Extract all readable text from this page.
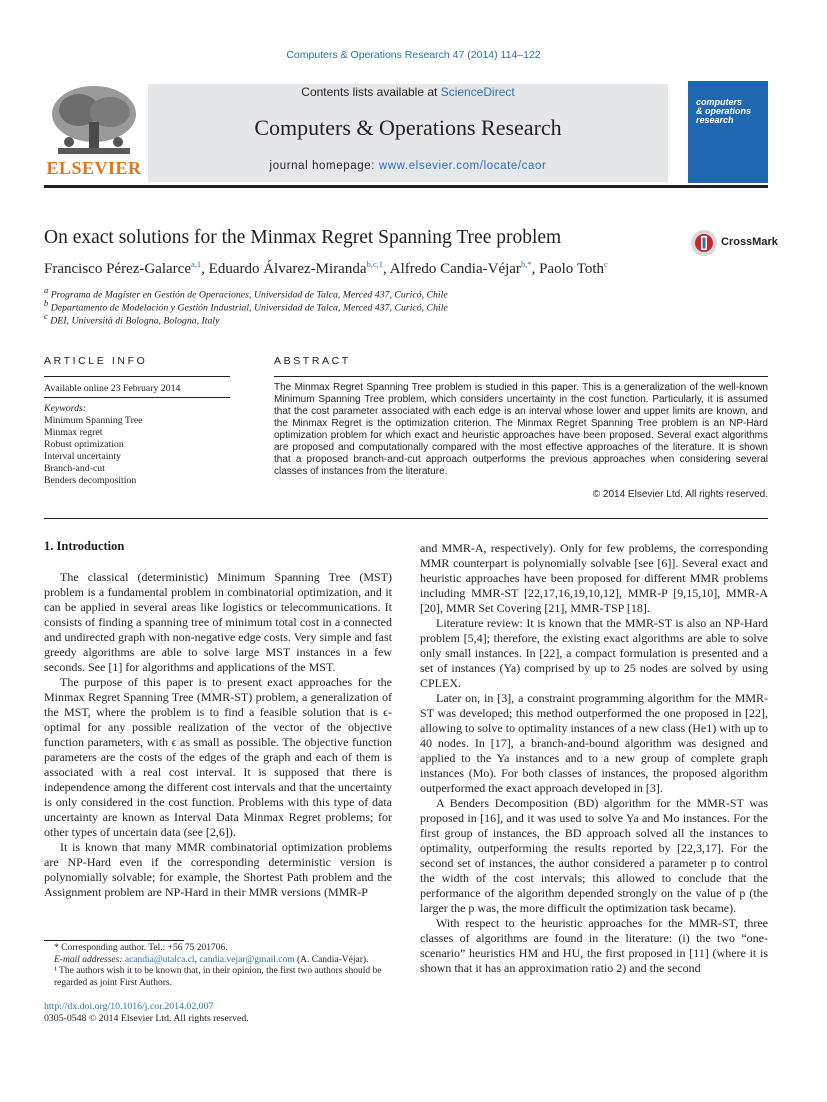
Computers & Operations Research 47 (2014) 114–122
ELSEVIER
Contents lists available at ScienceDirect
Computers & Operations Research
journal homepage: www.elsevier.com/locate/caor
computers
& operations
research
On exact solutions for the Minmax Regret Spanning Tree problem	CrossMark
Francisco Pérez-Galarce$^{a,1}$, Eduardo Álvarez-Miranda$^{b,c,1}$, Alfredo Candia-Véjar$^{b,*}$, Paolo Toth$^c$
$^a$ Programa de Magíster en Gestión de Operaciones, Universidad de Talca, Merced 437, Curicó, Chile
$^b$ Departamento de Modelación y Gestión Industrial, Universidad de Talca, Merced 437, Curicó, Chile
$^c$ DEI, Università di Bologna, Bologna, Italy
ARTICLE INFO
Available online 23 February 2014
Keywords:
Minimum Spanning Tree
Minmax regret
Robust optimization
Interval uncertainty
Branch-and-cut
Benders decomposition
ABSTRACT
The Minmax Regret Spanning Tree problem is studied in this paper. This is a generalization of the well-known Minimum Spanning Tree problem, which considers uncertainty in the cost function. Particularly, it is assumed that the cost parameter associated with each edge is an interval whose lower and upper limits are known, and the Minmax Regret is the optimization criterion. The Minmax Regret Spanning Tree problem is an NP-Hard optimization problem for which exact and heuristic approaches have been proposed. Several exact algorithms are proposed and computationally compared with the most effective approaches of the literature. It is shown that a proposed branch-and-cut approach outperforms the previous approaches when considering several classes of instances from the literature.
© 2014 Elsevier Ltd. All rights reserved.
1. Introduction

The classical (deterministic) Minimum Spanning Tree (MST) problem is a fundamental problem in combinatorial optimization, and it can be applied in several areas like logistics or telecommunications. It consists of finding a spanning tree of minimum total cost in a connected and undirected graph with non-negative edge costs. Very simple and fast greedy algorithms are able to solve large MST instances in a few seconds. See [1] for algorithms and applications of the MST.

The purpose of this paper is to present exact approaches for the Minmax Regret Spanning Tree (MMR-ST) problem, a generalization of the MST, where the problem is to find a feasible solution that is ϵ-optimal for any possible realization of the vector of the objective function parameters, with ϵ as small as possible. The objective function parameters are the costs of the edges of the graph and each of them is associated with a real cost interval. It is supposed that there is independence among the different cost intervals and that the uncertainty is only considered in the cost function. Problems with this type of data uncertainty are known as Interval Data Minmax Regret problems; for other types of uncertain data (see [2,6]).

It is known that many MMR combinatorial optimization problems are NP-Hard even if the corresponding deterministic version is polynomially solvable; for example, the Shortest Path problem and the Assignment problem are NP-Hard in their MMR versions (MMR-P

and MMR-A, respectively). Only for few problems, the corresponding MMR counterpart is polynomially solvable [see [6]]. Several exact and heuristic approaches have been proposed for different MMR problems including MMR-ST [22,17,16,19,10,12], MMR-P [9,15,10], MMR-A [20], MMR Set Covering [21], MMR-TSP [18].

Literature review: It is known that the MMR-ST is also an NP-Hard problem [5,4]; therefore, the existing exact algorithms are able to solve only small instances. In [22], a compact formulation is presented and a set of instances (Ya) comprised by up to 25 nodes are solved by using CPLEX.

Later on, in [3], a constraint programming algorithm for the MMR-ST was developed; this method outperformed the one proposed in [22], allowing to solve to optimality instances of a new class (He1) with up to 40 nodes. In [17], a branch-and-bound algorithm was designed and applied to the Ya instances and to a new group of complete graph instances (Mo). For both classes of instances, the proposed algorithm outperformed the exact approach developed in [3].

A Benders Decomposition (BD) algorithm for the MMR-ST was proposed in [16], and it was used to solve Ya and Mo instances. For the first group of instances, the BD approach solved all the instances to optimality, outperforming the results reported by [22,3,17]. For the second set of instances, the author considered a parameter p to control the width of the cost intervals; this allowed to conclude that the performance of the algorithm depended strongly on the value of p (the larger the p was, the more difficult the optimization task became).

With respect to the heuristic approaches for the MMR-ST, three classes of algorithms are found in the literature: (i) the two “one-scenario” heuristics HM and HU, the first proposed in [11] (where it is shown that it has an approximation ratio 2) and the second

* Corresponding author. Tel.: +56 75 201706.
E-mail addresses: acandia@utalca.cl, candia.vejar@gmail.com (A. Candia-Véjar).
¹ The authors wish it to be known that, in their opinion, the first two authors should be regarded as joint First Authors.
http://dx.doi.org/10.1016/j.cor.2014.02.007
0305-0548 © 2014 Elsevier Ltd. All rights reserved.
